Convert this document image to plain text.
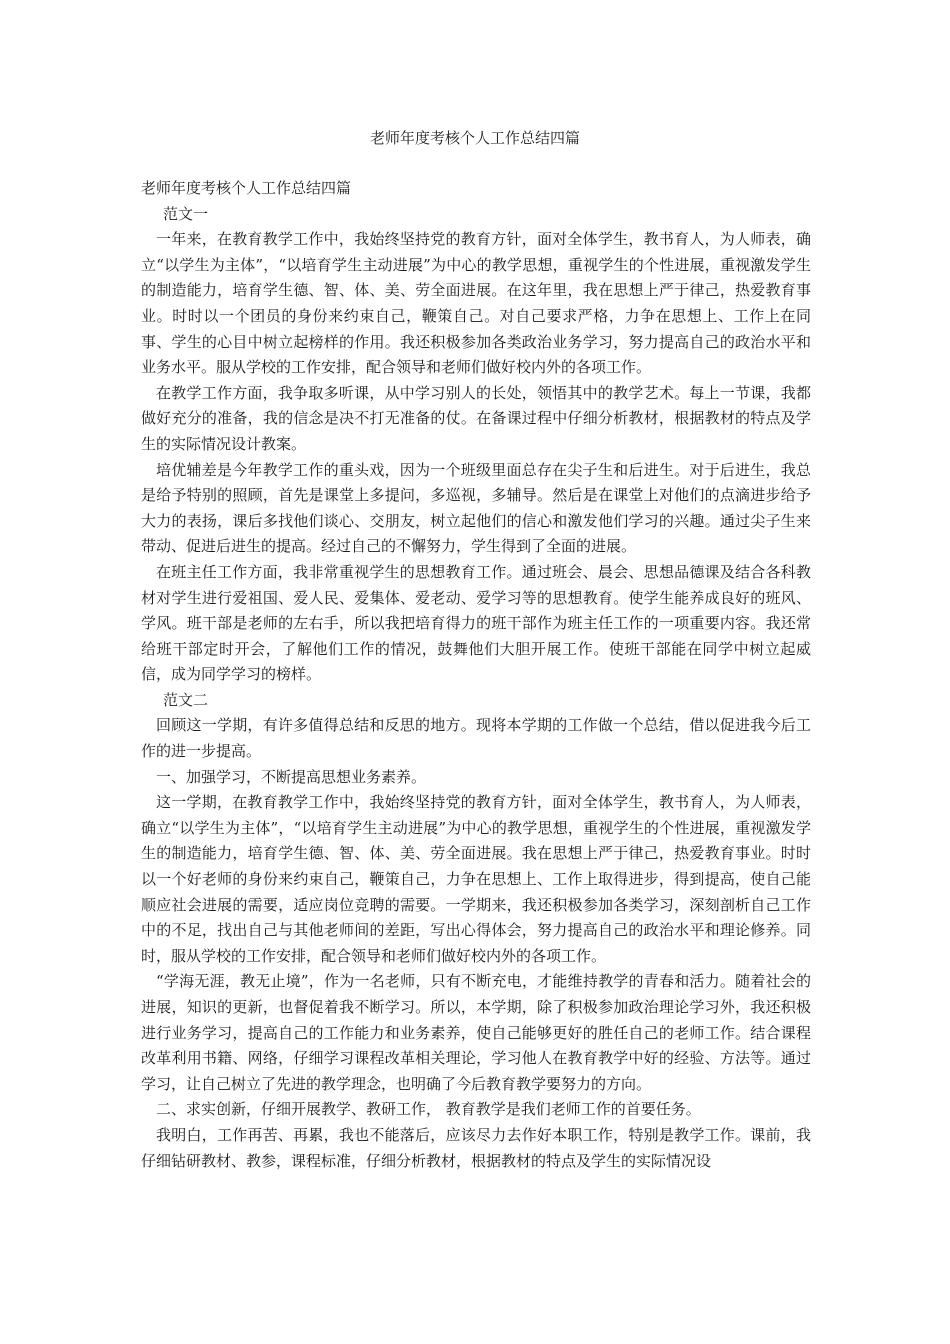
老师年度考核个人工作总结四篇

老师年度考核个人工作总结四篇

范文一

一年来，在教育教学工作中，我始终坚持党的教育方针，面对全体学生，教书育人，为人师表，确立“以学生为主体”，“以培育学生主动进展”为中心的教学思想，重视学生的个性进展，重视激发学生的制造能力，培育学生德、智、体、美、劳全面进展。在这年里，我在思想上严于律己，热爱教育事业。时时以一个团员的身份来约束自己，鞭策自己。对自己要求严格，力争在思想上、工作上在同事、学生的心目中树立起榜样的作用。我还积极参加各类政治业务学习，努力提高自己的政治水平和业务水平。服从学校的工作安排，配合领导和老师们做好校内外的各项工作。

在教学工作方面，我争取多听课，从中学习别人的长处，领悟其中的教学艺术。每上一节课，我都做好充分的准备，我的信念是决不打无准备的仗。在备课过程中仔细分析教材，根据教材的特点及学生的实际情况设计教案。

培优辅差是今年教学工作的重头戏，因为一个班级里面总存在尖子生和后进生。对于后进生，我总是给予特别的照顾，首先是课堂上多提问，多巡视，多辅导。然后是在课堂上对他们的点滴进步给予大力的表扬，课后多找他们谈心、交朋友，树立起他们的信心和激发他们学习的兴趣。通过尖子生来带动、促进后进生的提高。经过自己的不懈努力，学生得到了全面的进展。

在班主任工作方面，我非常重视学生的思想教育工作。通过班会、晨会、思想品德课及结合各科教材对学生进行爱祖国、爱人民、爱集体、爱老动、爱学习等的思想教育。使学生能养成良好的班风、学风。班干部是老师的左右手，所以我把培育得力的班干部作为班主任工作的一项重要内容。我还常给班干部定时开会，了解他们工作的情况，鼓舞他们大胆开展工作。使班干部能在同学中树立起威信，成为同学学习的榜样。

范文二

回顾这一学期，有许多值得总结和反思的地方。现将本学期的工作做一个总结，借以促进我今后工作的进一步提高。

一、加强学习，不断提高思想业务素养。

这一学期，在教育教学工作中，我始终坚持党的教育方针，面对全体学生，教书育人，为人师表，确立“以学生为主体”，“以培育学生主动进展”为中心的教学思想，重视学生的个性进展，重视激发学生的制造能力，培育学生德、智、体、美、劳全面进展。我在思想上严于律己，热爱教育事业。时时以一个好老师的身份来约束自己，鞭策自己，力争在思想上、工作上取得进步，得到提高，使自己能顺应社会进展的需要，适应岗位竞聘的需要。一学期来，我还积极参加各类学习，深刻剖析自己工作中的不足，找出自己与其他老师间的差距，写出心得体会，努力提高自己的政治水平和理论修养。同时，服从学校的工作安排，配合领导和老师们做好校内外的各项工作。

“学海无涯，教无止境”，作为一名老师，只有不断充电，才能维持教学的青春和活力。随着社会的进展，知识的更新，也督促着我不断学习。所以，本学期，除了积极参加政治理论学习外，我还积极进行业务学习，提高自己的工作能力和业务素养，使自己能够更好的胜任自己的老师工作。结合课程改革利用书籍、网络，仔细学习课程改革相关理论，学习他人在教育教学中好的经验、方法等。通过学习，让自己树立了先进的教学理念，也明确了今后教育教学要努力的方向。

二、求实创新，仔细开展教学、教研工作， 教育教学是我们老师工作的首要任务。

我明白，工作再苦、再累，我也不能落后，应该尽力去作好本职工作，特别是教学工作。课前，我仔细钻研教材、教参，课程标准，仔细分析教材，根据教材的特点及学生的实际情况设
